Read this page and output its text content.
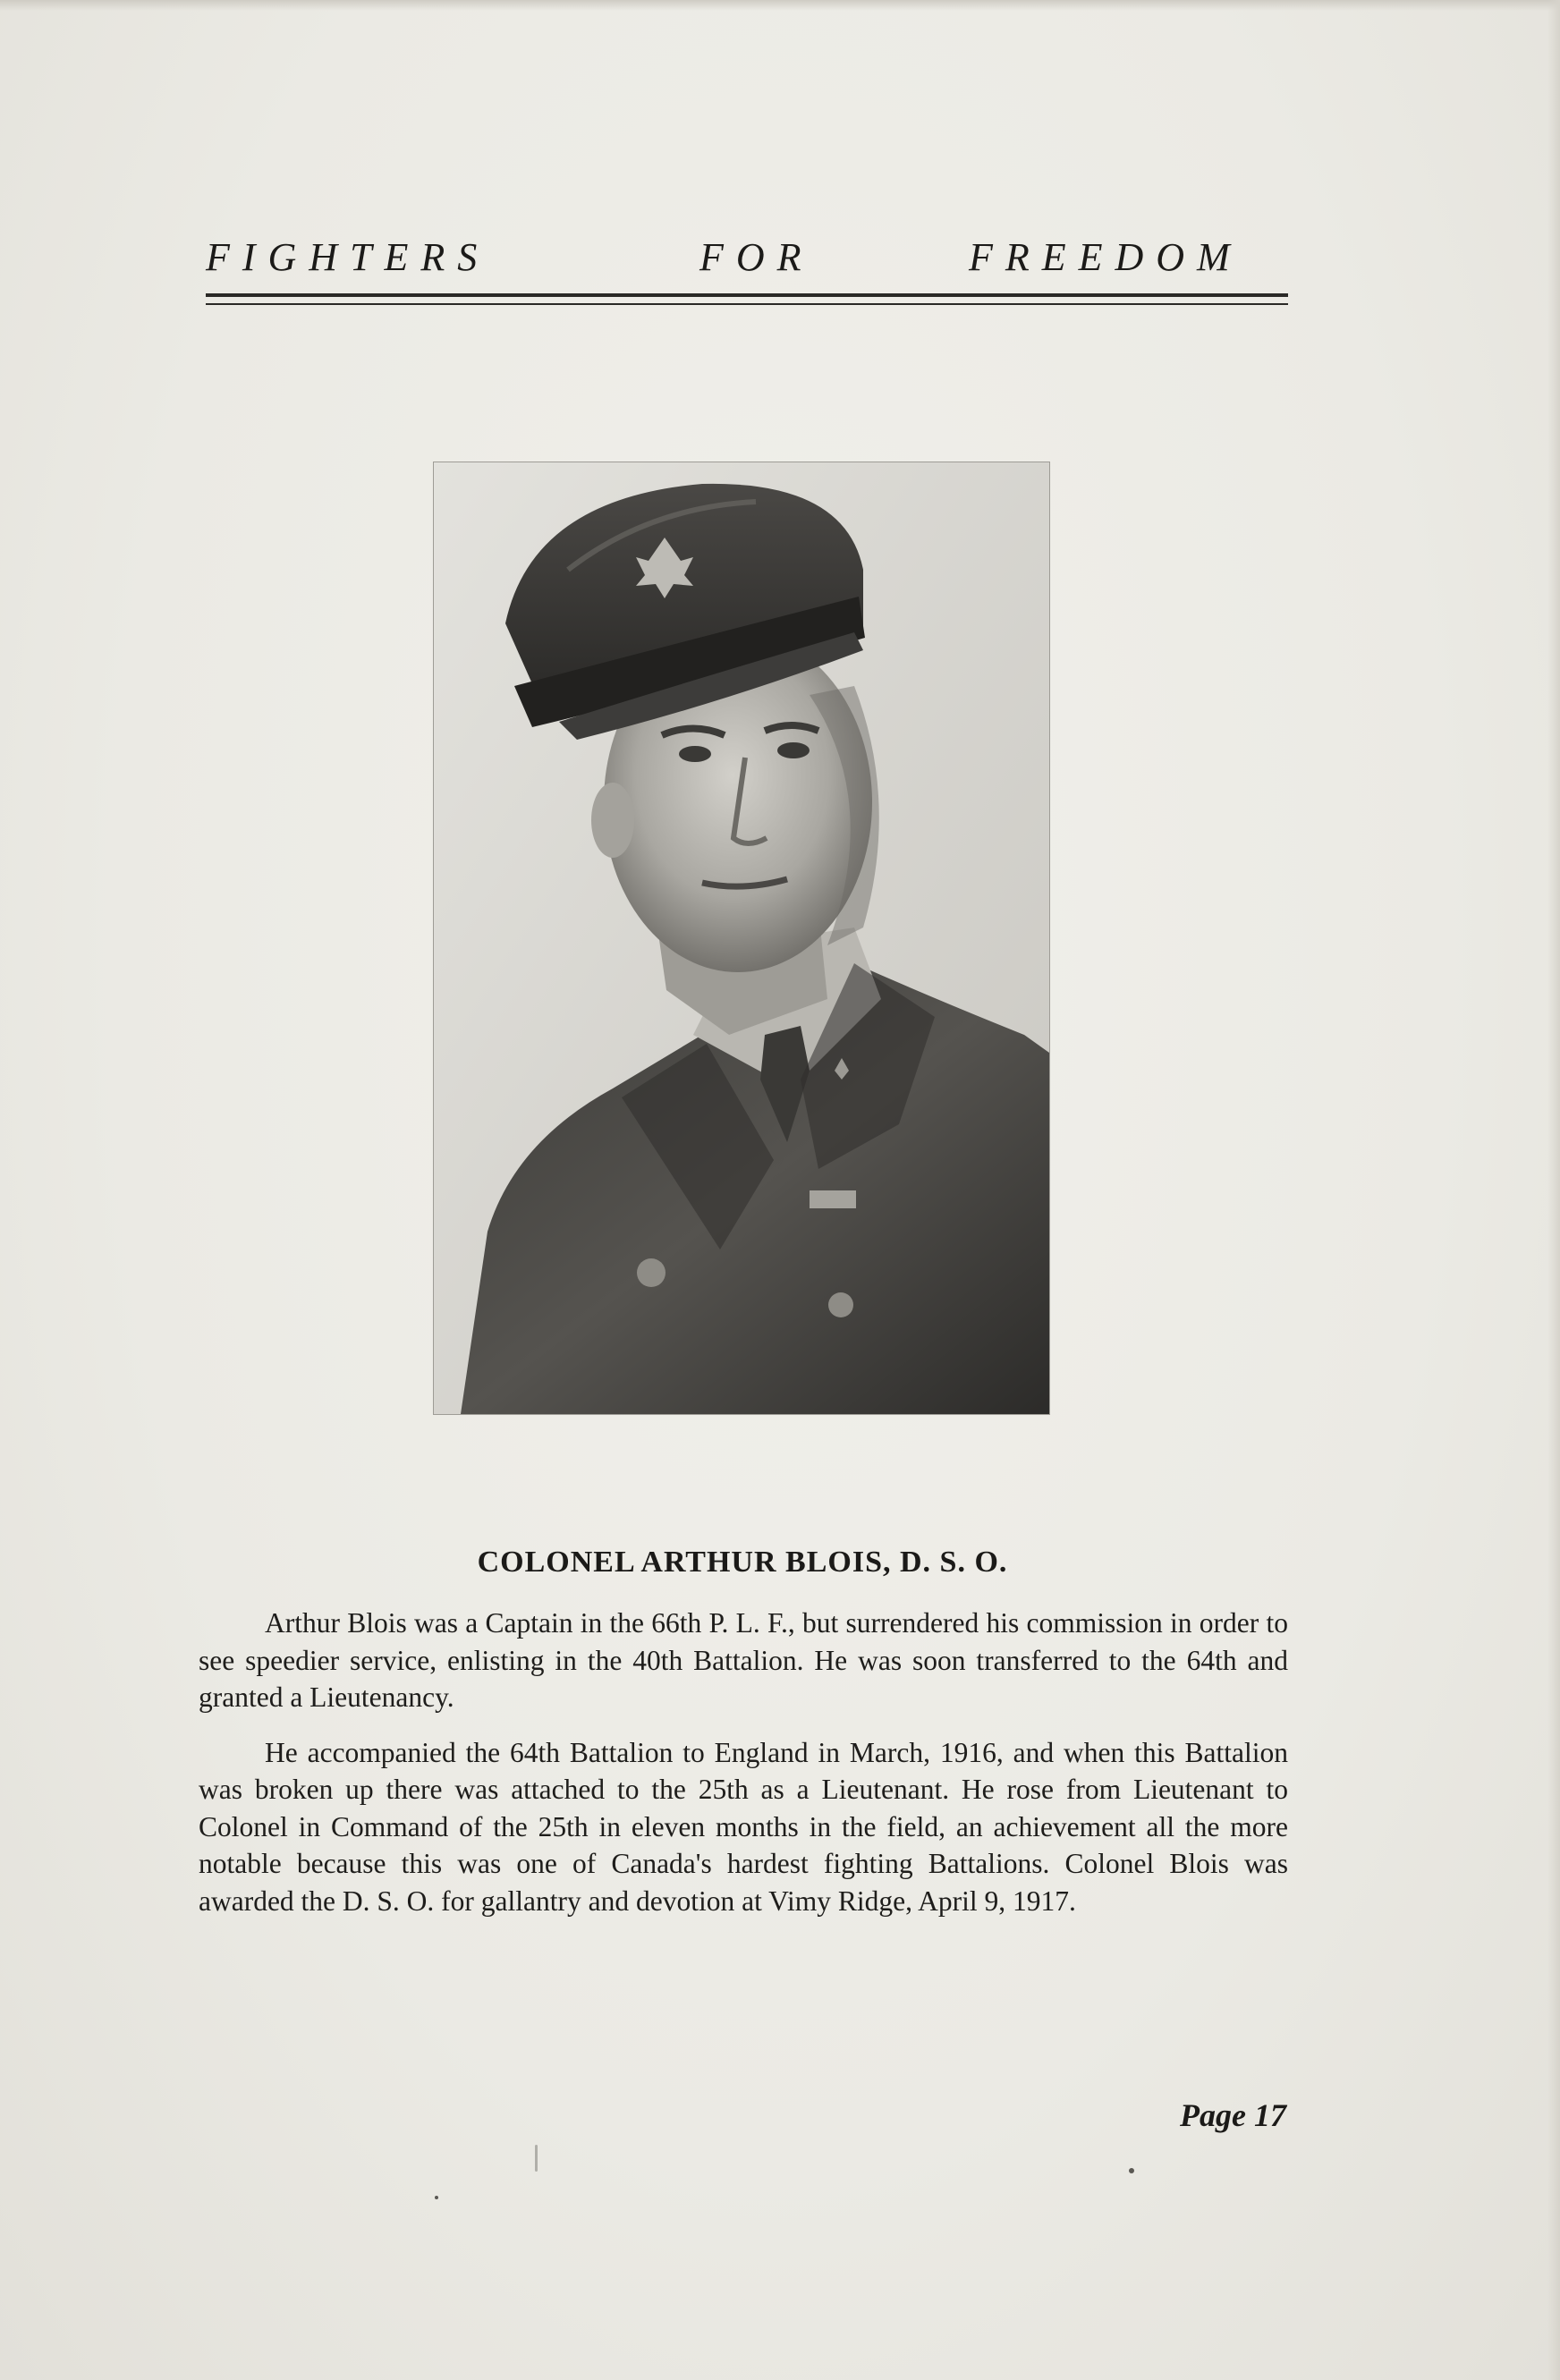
FIGHTERS	FOR	FREEDOM
COLONEL ARTHUR BLOIS, D. S. O.

Arthur Blois was a Captain in the 66th P. L. F., but surrendered his commission in order to see speedier service, enlisting in the 40th Battalion. He was soon transferred to the 64th and granted a Lieutenancy.

He accompanied the 64th Battalion to England in March, 1916, and when this Battalion was broken up there was attached to the 25th as a Lieutenant. He rose from Lieutenant to Colonel in Command of the 25th in eleven months in the field, an achievement all the more notable because this was one of Canada's hardest fighting Battalions. Colonel Blois was awarded the D. S. O. for gallantry and devotion at Vimy Ridge, April 9, 1917.

Page 17
